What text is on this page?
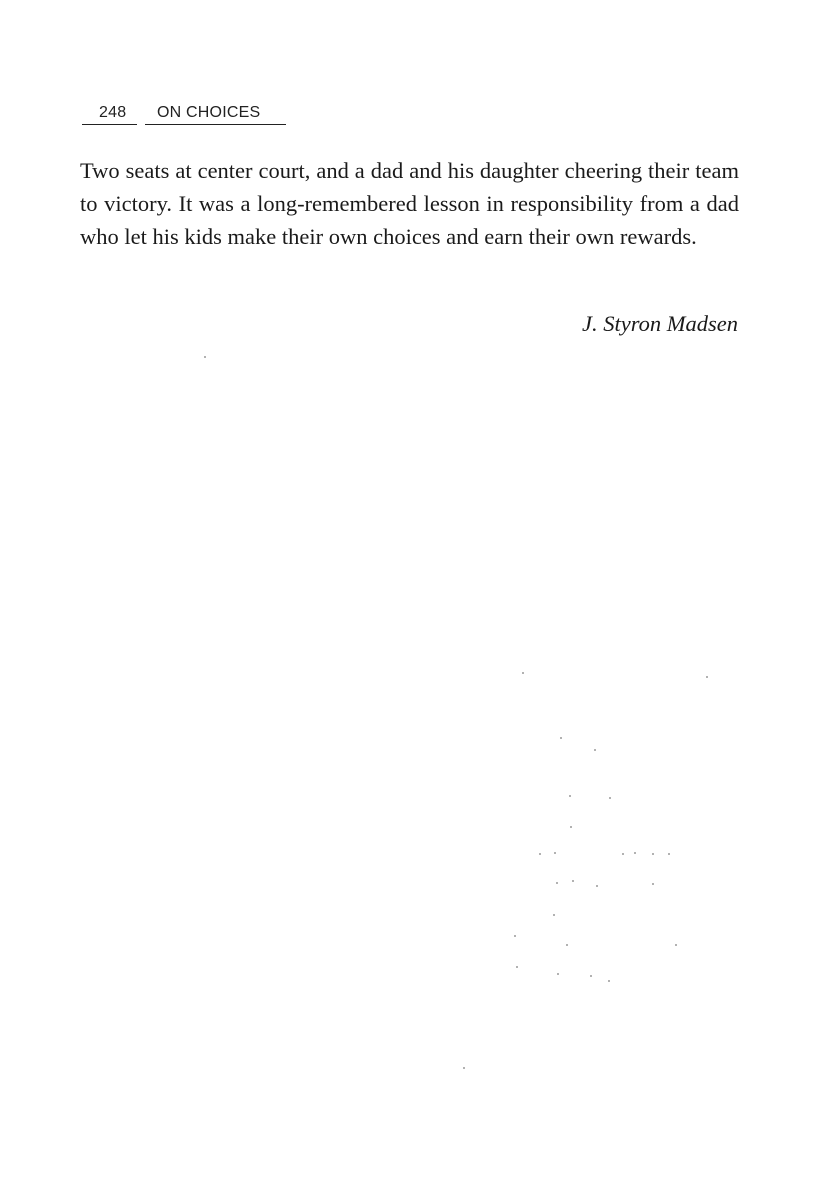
248 ON CHOICES

Two seats at center court, and a dad and his daughter cheering their team to victory. It was a long-remembered lesson in responsibility from a dad who let his kids make their own choices and earn their own rewards.

J. Styron Madsen
